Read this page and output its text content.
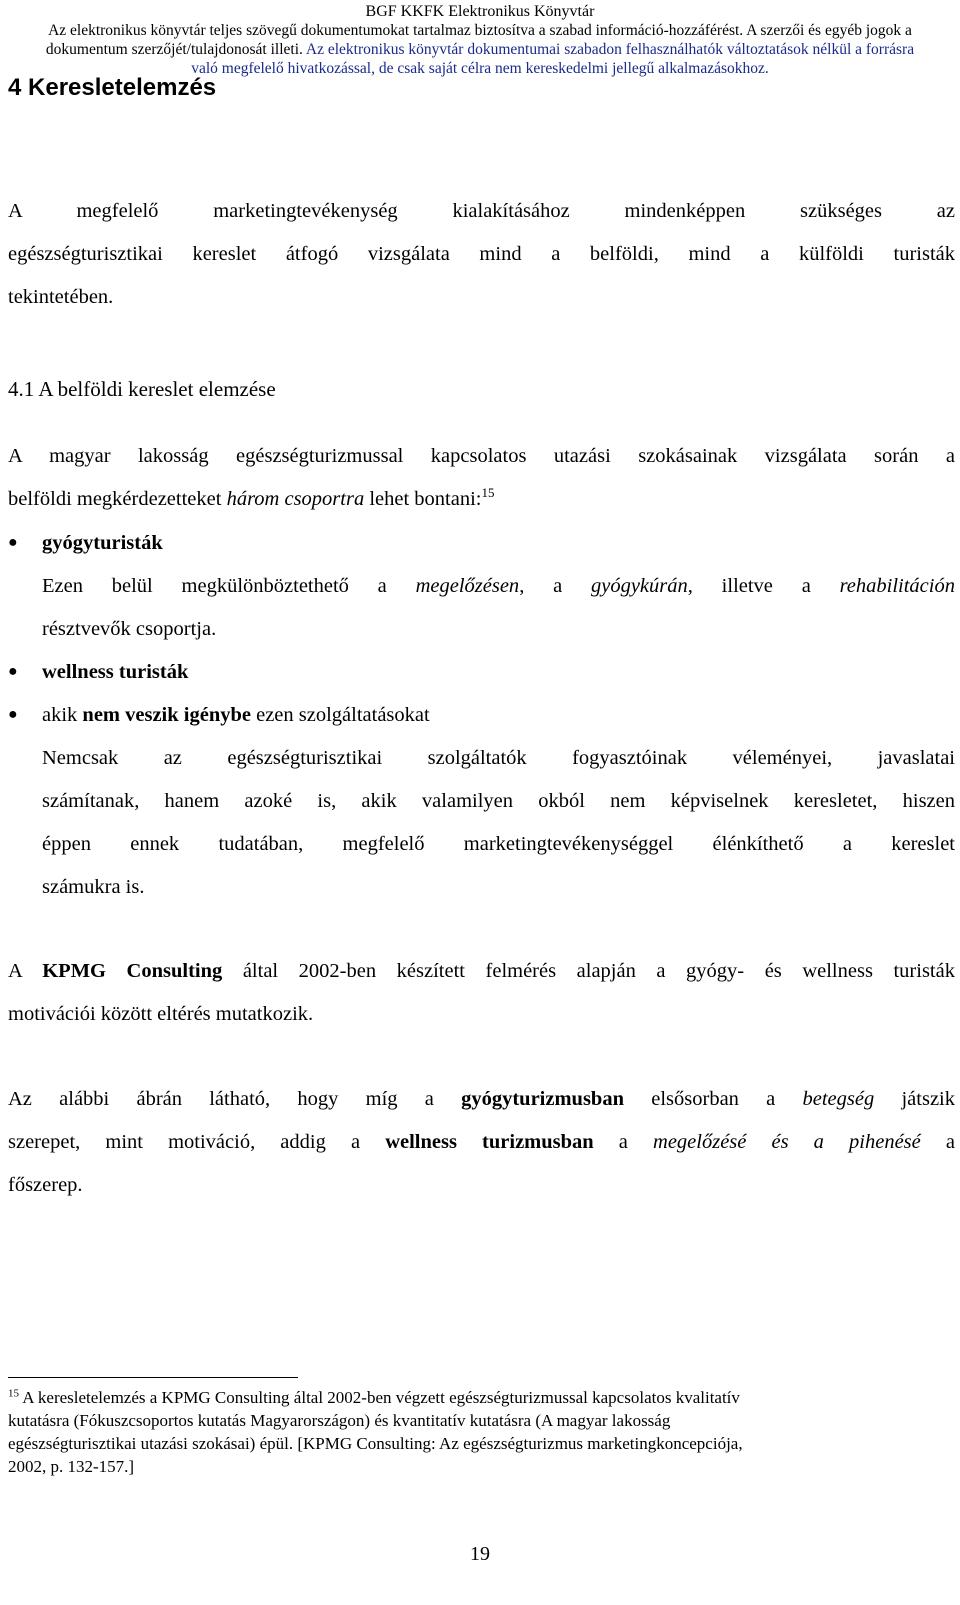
BGF KKFK Elektronikus Könyvtár
Az elektronikus könyvtár teljes szövegű dokumentumokat tartalmaz biztosítva a szabad információ-hozzáférést. A szerzői és egyéb jogok a
dokumentum szerzőjét/tulajdonosát illeti. Az elektronikus könyvtár dokumentumai szabadon felhasználhatók változtatások nélkül a forrásra
való megfelelő hivatkozással, de csak saját célra nem kereskedelmi jellegű alkalmazásokhoz.
4 Keresletelemzés
A megfelelő marketingtevékenység kialakításához mindenképpen szükséges az
egészségturisztikai kereslet átfogó vizsgálata mind a belföldi, mind a külföldi turisták
tekintetében.
4.1 A belföldi kereslet elemzése
A magyar lakosság egészségturizmussal kapcsolatos utazási szokásainak vizsgálata során a
belföldi megkérdezetteket három csoportra lehet bontani:$^{15}$
●	gyógyturisták
Ezen belül megkülönböztethető a megelőzésen, a gyógykúrán, illetve a rehabilitáción
résztvevők csoportja.
●	wellness turisták
●	akik nem veszik igénybe ezen szolgáltatásokat
Nemcsak az egészségturisztikai szolgáltatók fogyasztóinak véleményei, javaslatai
számítanak, hanem azoké is, akik valamilyen okból nem képviselnek keresletet, hiszen
éppen ennek tudatában, megfelelő marketingtevékenységgel élénkíthető a kereslet
számukra is.
A KPMG Consulting által 2002-ben készített felmérés alapján a gyógy- és wellness turisták
motivációi között eltérés mutatkozik.
Az alábbi ábrán látható, hogy míg a gyógyturizmusban elsősorban a betegség játszik
szerepet, mint motiváció, addig a wellness turizmusban a megelőzésé és a pihenésé a
főszerep.
$^{15}$ A keresletelemzés a KPMG Consulting által 2002-ben végzett egészségturizmussal kapcsolatos kvalitatív
kutatásra (Fókuszcsoportos kutatás Magyarországon) és kvantitatív kutatásra (A magyar lakosság
egészségturisztikai utazási szokásai) épül. [KPMG Consulting: Az egészségturizmus marketingkoncepciója,
2002, p. 132-157.]
19
